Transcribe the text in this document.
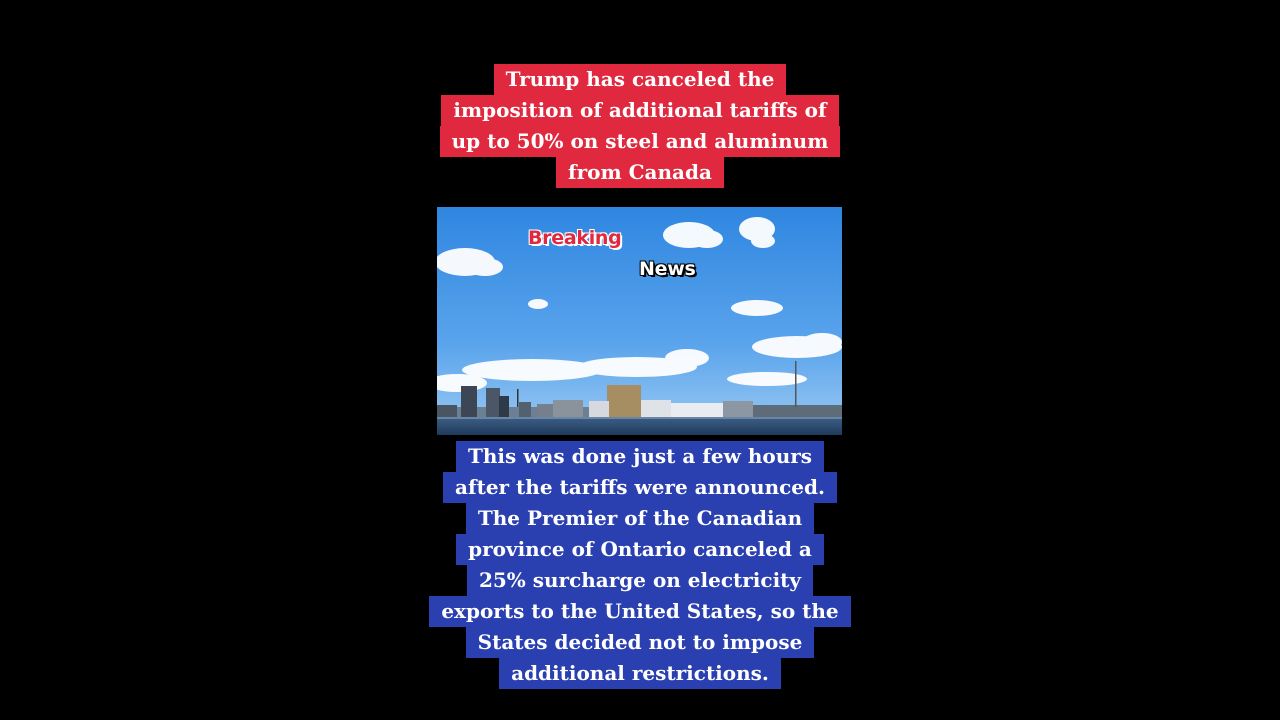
Trump has canceled the
imposition of additional tariffs of
up to 50% on steel and aluminum
from Canada
Breaking
News
This was done just a few hours
after the tariffs were announced.
The Premier of the Canadian
province of Ontario canceled a
25% surcharge on electricity
exports to the United States, so the
States decided not to impose
additional restrictions.
